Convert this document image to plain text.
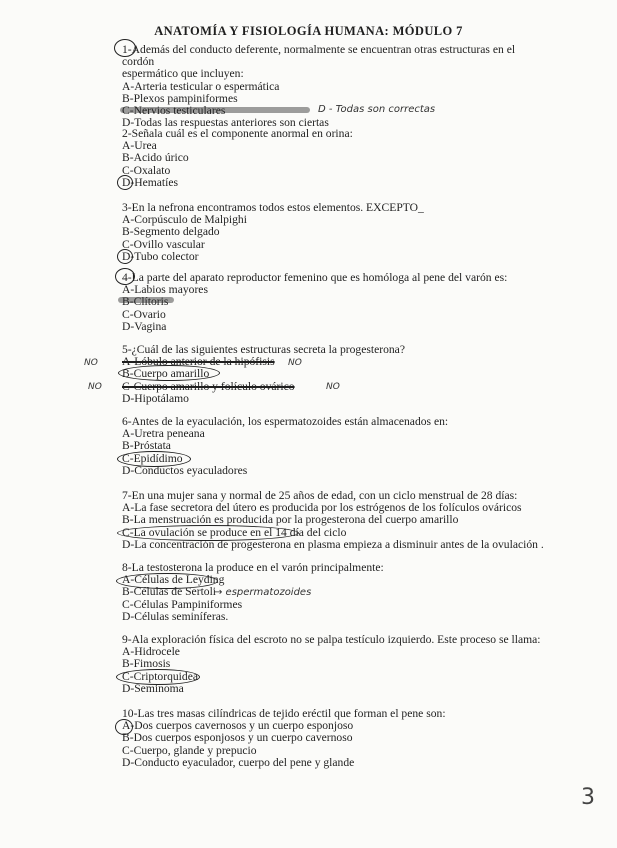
ANATOMÍA Y FISIOLOGÍA HUMANA: MÓDULO 7
1-Además del conducto deferente, normalmente se encuentran otras estructuras en el cordón
espermático que incluyen:
A-Arteria testicular o espermática
B-Plexos pampiniformes
C-Nervios testiculares
D-Todas las respuestas anteriores son ciertas
D - Todas son correctas
2-Señala cuál es el componente anormal en orina:
A-Urea
B-Acido úrico
C-Oxalato
D-Hematíes
3-En la nefrona encontramos todos estos elementos. EXCEPTO_
A-Corpúsculo de Malpighi
B-Segmento delgado
C-Ovillo vascular
D-Tubo colector
4-La parte del aparato reproductor femenino que es homóloga al pene del varón es:
A-Labios mayores
B-Clítoris
C-Ovario
D-Vagina
5-¿Cuál de las siguientes estructuras secreta la progesterona?
A-Lóbulo anterior de la hipófisis
B-Cuerpo amarillo
C-Cuerpo amarillo y folículo ovárico
D-Hipotálamo
NO
NO
NO
NO
6-Antes de la eyaculación, los espermatozoides están almacenados en:
A-Uretra peneana
B-Próstata
C-Epidídimo
D-Conductos eyaculadores
7-En una mujer sana y normal de 25 años de edad, con un ciclo menstrual de 28 días:
A-La fase secretora del útero es producida por los estrógenos de los folículos ováricos
B-La menstruación es producida por la progesterona del cuerpo amarillo
C-La ovulación se produce en el 14 día del ciclo
D-La concentración de progesterona en plasma empieza a disminuir antes de la ovulación .
8-La testosterona la produce en el varón principalmente:
A-Células de Leyding
B-Células de Sertoli
C-Células Pampiniformes
D-Células seminíferas.
→ espermatozoides
9-Ala exploración física del escroto no se palpa testículo izquierdo. Este proceso se llama:
A-Hidrocele
B-Fimosis
C-Criptorquidea
D-Seminoma
10-Las tres masas cilíndricas de tejido eréctil que forman el pene son:
A-Dos cuerpos cavernosos y un cuerpo esponjoso
B-Dos cuerpos esponjosos y un cuerpo cavernoso
C-Cuerpo, glande y prepucio
D-Conducto eyaculador, cuerpo del pene y glande
3
